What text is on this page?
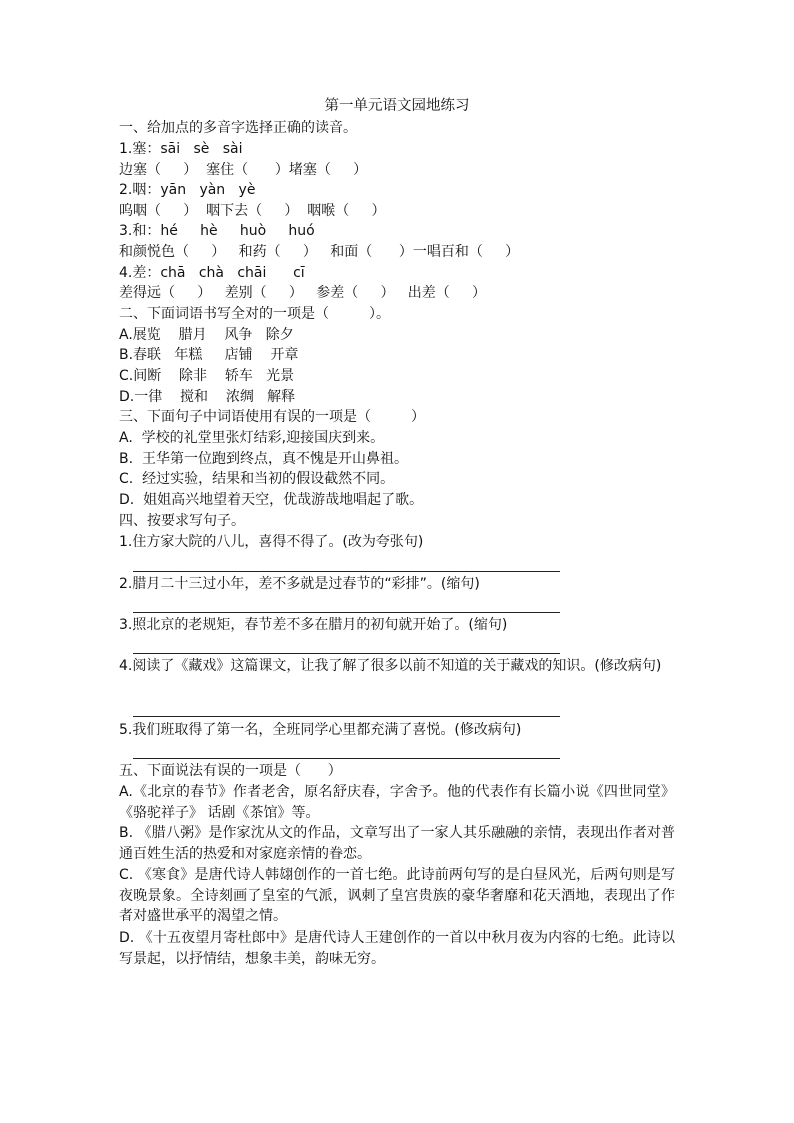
第一单元语文园地练习
一、给加点的多音字选择正确的读音。
1.塞：sāi   sè   sài
边塞（     ）  塞住（      ）堵塞（     ）
2.咽：yān   yàn   yè
呜咽（     ）  咽下去（     ）  咽喉（     ）
3.和：hé     hè     huò     huó
和颜悦色（     ）   和药（     ）   和面（      ）一唱百和（     ）
4.差：chā   chà   chāi      cī
差得远（     ）   差别（     ）   参差（     ）   出差（     ）
二、下面词语书写全对的一项是（         ）。
A.展览    腊月    风争   除夕
B.春联   年糕     店铺    开章
C.间断    除非    轿车   光景
D.一律    搅和    浓绸   解释
三、下面句子中词语使用有误的一项是（         ）
A.  学校的礼堂里张灯结彩,迎接国庆到来。
B.  王华第一位跑到终点，真不愧是开山鼻祖。
C.  经过实验，结果和当初的假设截然不同。
D.  姐姐高兴地望着天空，优哉游哉地唱起了歌。
四、按要求写句子。
1.住方家大院的八儿，喜得不得了。(改为夸张句)
2.腊月二十三过小年，差不多就是过春节的“彩排”。(缩句)
3.照北京的老规矩，春节差不多在腊月的初旬就开始了。(缩句)
4.阅读了《藏戏》这篇课文，让我了解了很多以前不知道的关于藏戏的知识。(修改病句)
5.我们班取得了第一名，全班同学心里都充满了喜悦。(修改病句)
五、下面说法有误的一项是（      ）
A.《北京的春节》作者老舍，原名舒庆春，字舍予。他的代表作有长篇小说《四世同堂》《骆驼祥子》 话剧《茶馆》等。
B. 《腊八粥》是作家沈从文的作品，文章写出了一家人其乐融融的亲情，表现出作者对普通百姓生活的热爱和对家庭亲情的眷恋。
C. 《寒食》是唐代诗人韩翃创作的一首七绝。此诗前两句写的是白昼风光，后两句则是写夜晚景象。全诗刻画了皇室的气派，讽刺了皇宫贵族的豪华奢靡和花天酒地，表现出了作者对盛世承平的渴望之情。
D. 《十五夜望月寄杜郎中》是唐代诗人王建创作的一首以中秋月夜为内容的七绝。此诗以写景起，以抒情结，想象丰美，韵味无穷。
